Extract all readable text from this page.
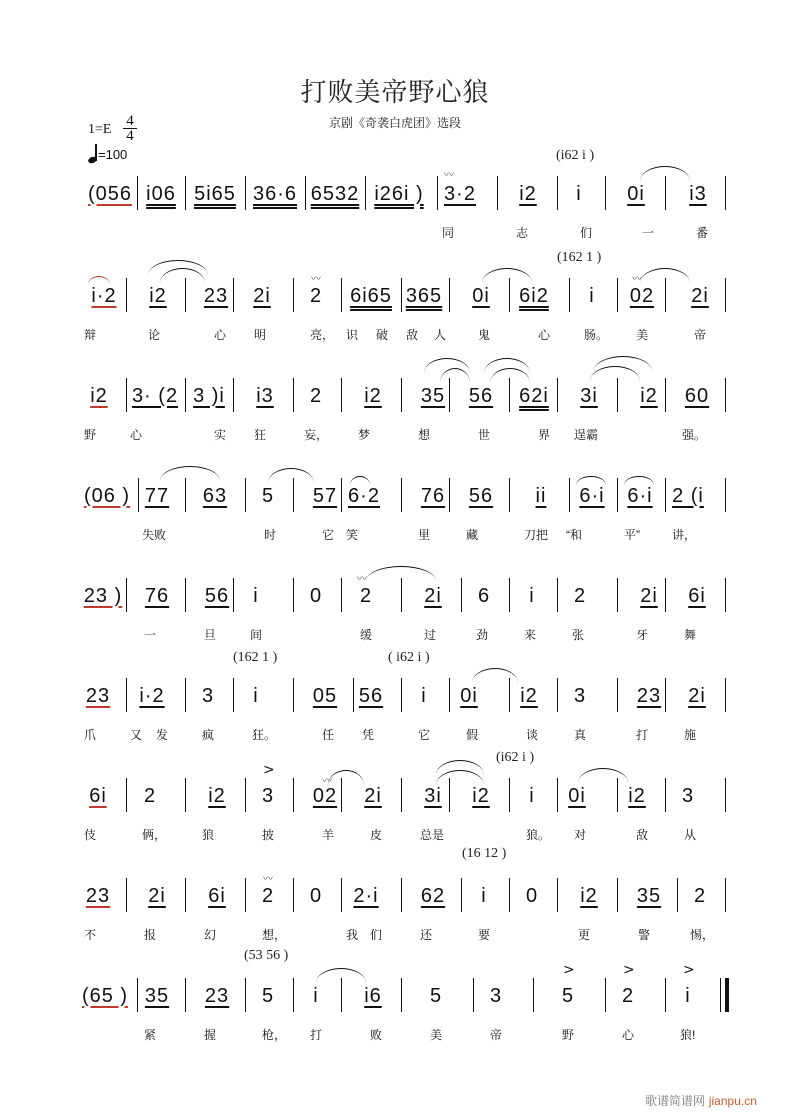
打败美帝野心狼
京剧《奇袭白虎团》选段
1=E
4
4
=100	(i62 i )
〰
(056 i06 5i65 36·6 6532 i26i )	3·2	i2	i	0i	i3
同	志	们	一	番
(162 1 )
〰	〰
i·2	i2	23	2i	2	6i65 365	0i	6i2	i	02	2i
辩	论	心 明	亮， 识 破 敌 人	鬼	心	肠。 美	帝
i2	3· (2 3 )i	i3	2	i2	35 56 62i	3i	i2	60
野	心	实 狂	妄， 梦	想	世	界 逞霸	强。
(06 ) 77 63 5 57 6·2 76 56	ii	6·i	6·i 2 (i
失败	时	它 笑	里	藏	刀把 “和	平”	讲，
〰
23 ) 76 56	i	0 2	2i	6	i	2	2i	6i
一	旦	间	缓	过	劲	来	张	牙	舞
(162 1 )	( i62 i )
23	i·2	3	i	05 56	i	0i	i2	3	23	2i
爪	又 发	疯	狂。	任 凭	它	假	谈	真	打	施
(i62 i )
(16 12 )
>
〰
6i	2	i2	3 02	2i	3i	i2	i	0i	i2	3
伎	俩，	狼	披	羊	皮	总是	狼。 对	敌	从
〰
23	2i	6i	2 0	2·i	62	i	0	i2	35 2
不	报	幻	想，	我 们	还	要	更	警	惕，
(53 56 )
>	>	>
(65 ) 35 23 5	i	i6	5 3	5 2	i
紧	握	枪， 打	败	美	帝	野	心	狼!
歌谱简谱网 jianpu.cn
